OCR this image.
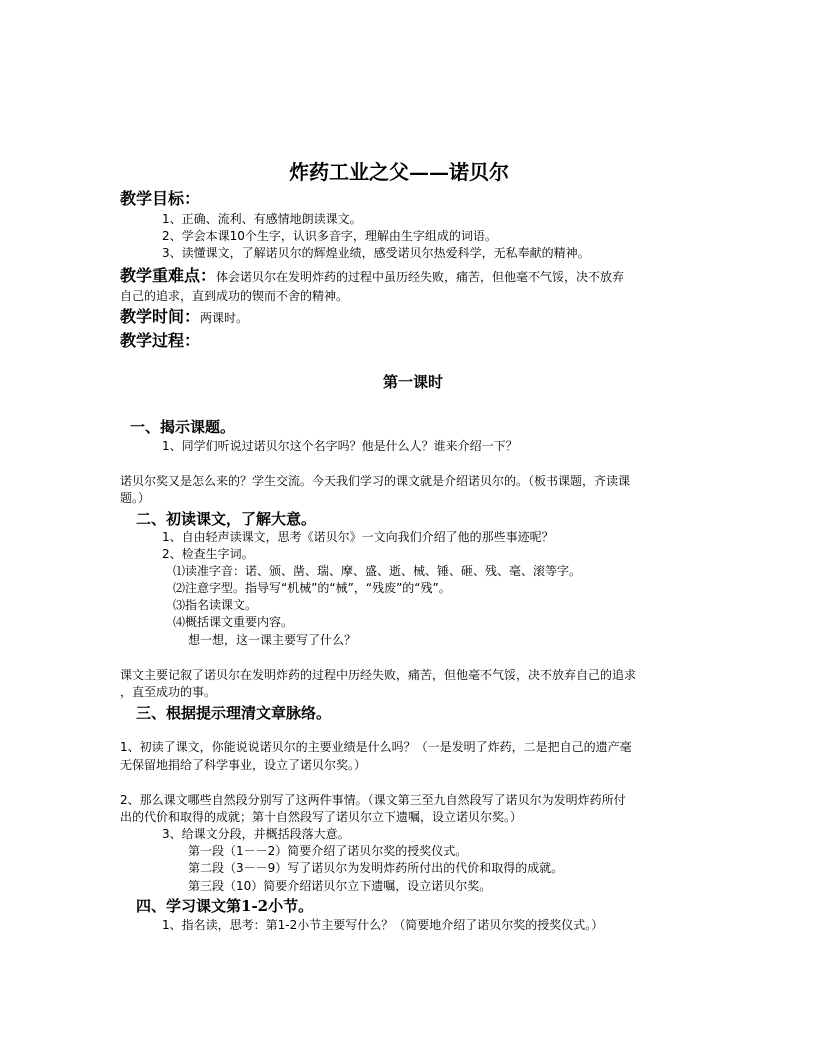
炸药工业之父——诺贝尔
教学目标：
1、正确、流利、有感情地朗读课文。
2、学会本课10个生字，认识多音字，理解由生字组成的词语。
3、读懂课文，了解诺贝尔的辉煌业绩，感受诺贝尔热爱科学，无私奉献的精神。
教学重难点：体会诺贝尔在发明炸药的过程中虽历经失败，痛苦，但他毫不气馁，决不放弃
自己的追求，直到成功的锲而不舍的精神。
教学时间：两课时。
教学过程：
第一课时
一、揭示课题。
1、同学们听说过诺贝尔这个名字吗？他是什么人？谁来介绍一下？
诺贝尔奖又是怎么来的？学生交流。今天我们学习的课文就是介绍诺贝尔的。（板书课题，齐读课
题。）
二、初读课文，了解大意。
1、自由轻声读课文，思考《诺贝尔》一文向我们介绍了他的那些事迹呢？
2、检查生字词。
⑴读准字音：诺、颁、凿、瑞、摩、盛、逝、械、锤、砸、残、毫、滚等字。
⑵注意字型。指导写“机械”的“械”，“残废”的“残”。
⑶指名读课文。
⑷概括课文重要内容。
想一想，这一课主要写了什么？
课文主要记叙了诺贝尔在发明炸药的过程中历经失败，痛苦，但他毫不气馁，决不放弃自己的追求
，直至成功的事。
三、根据提示理清文章脉络。
1、初读了课文，你能说说诺贝尔的主要业绩是什么吗？（一是发明了炸药，二是把自己的遗产毫
无保留地捐给了科学事业，设立了诺贝尔奖。）
2、那么课文哪些自然段分别写了这两件事情。（课文第三至九自然段写了诺贝尔为发明炸药所付
出的代价和取得的成就；第十自然段写了诺贝尔立下遗嘱，设立诺贝尔奖。）
3、给课文分段，并概括段落大意。
第一段（1－－2）简要介绍了诺贝尔奖的授奖仪式。
第二段（3－－9）写了诺贝尔为发明炸药所付出的代价和取得的成就。
第三段（10）简要介绍诺贝尔立下遗嘱，设立诺贝尔奖。
四、学习课文第1-2小节。
1、指名读，思考：第1-2小节主要写什么？（简要地介绍了诺贝尔奖的授奖仪式。）
